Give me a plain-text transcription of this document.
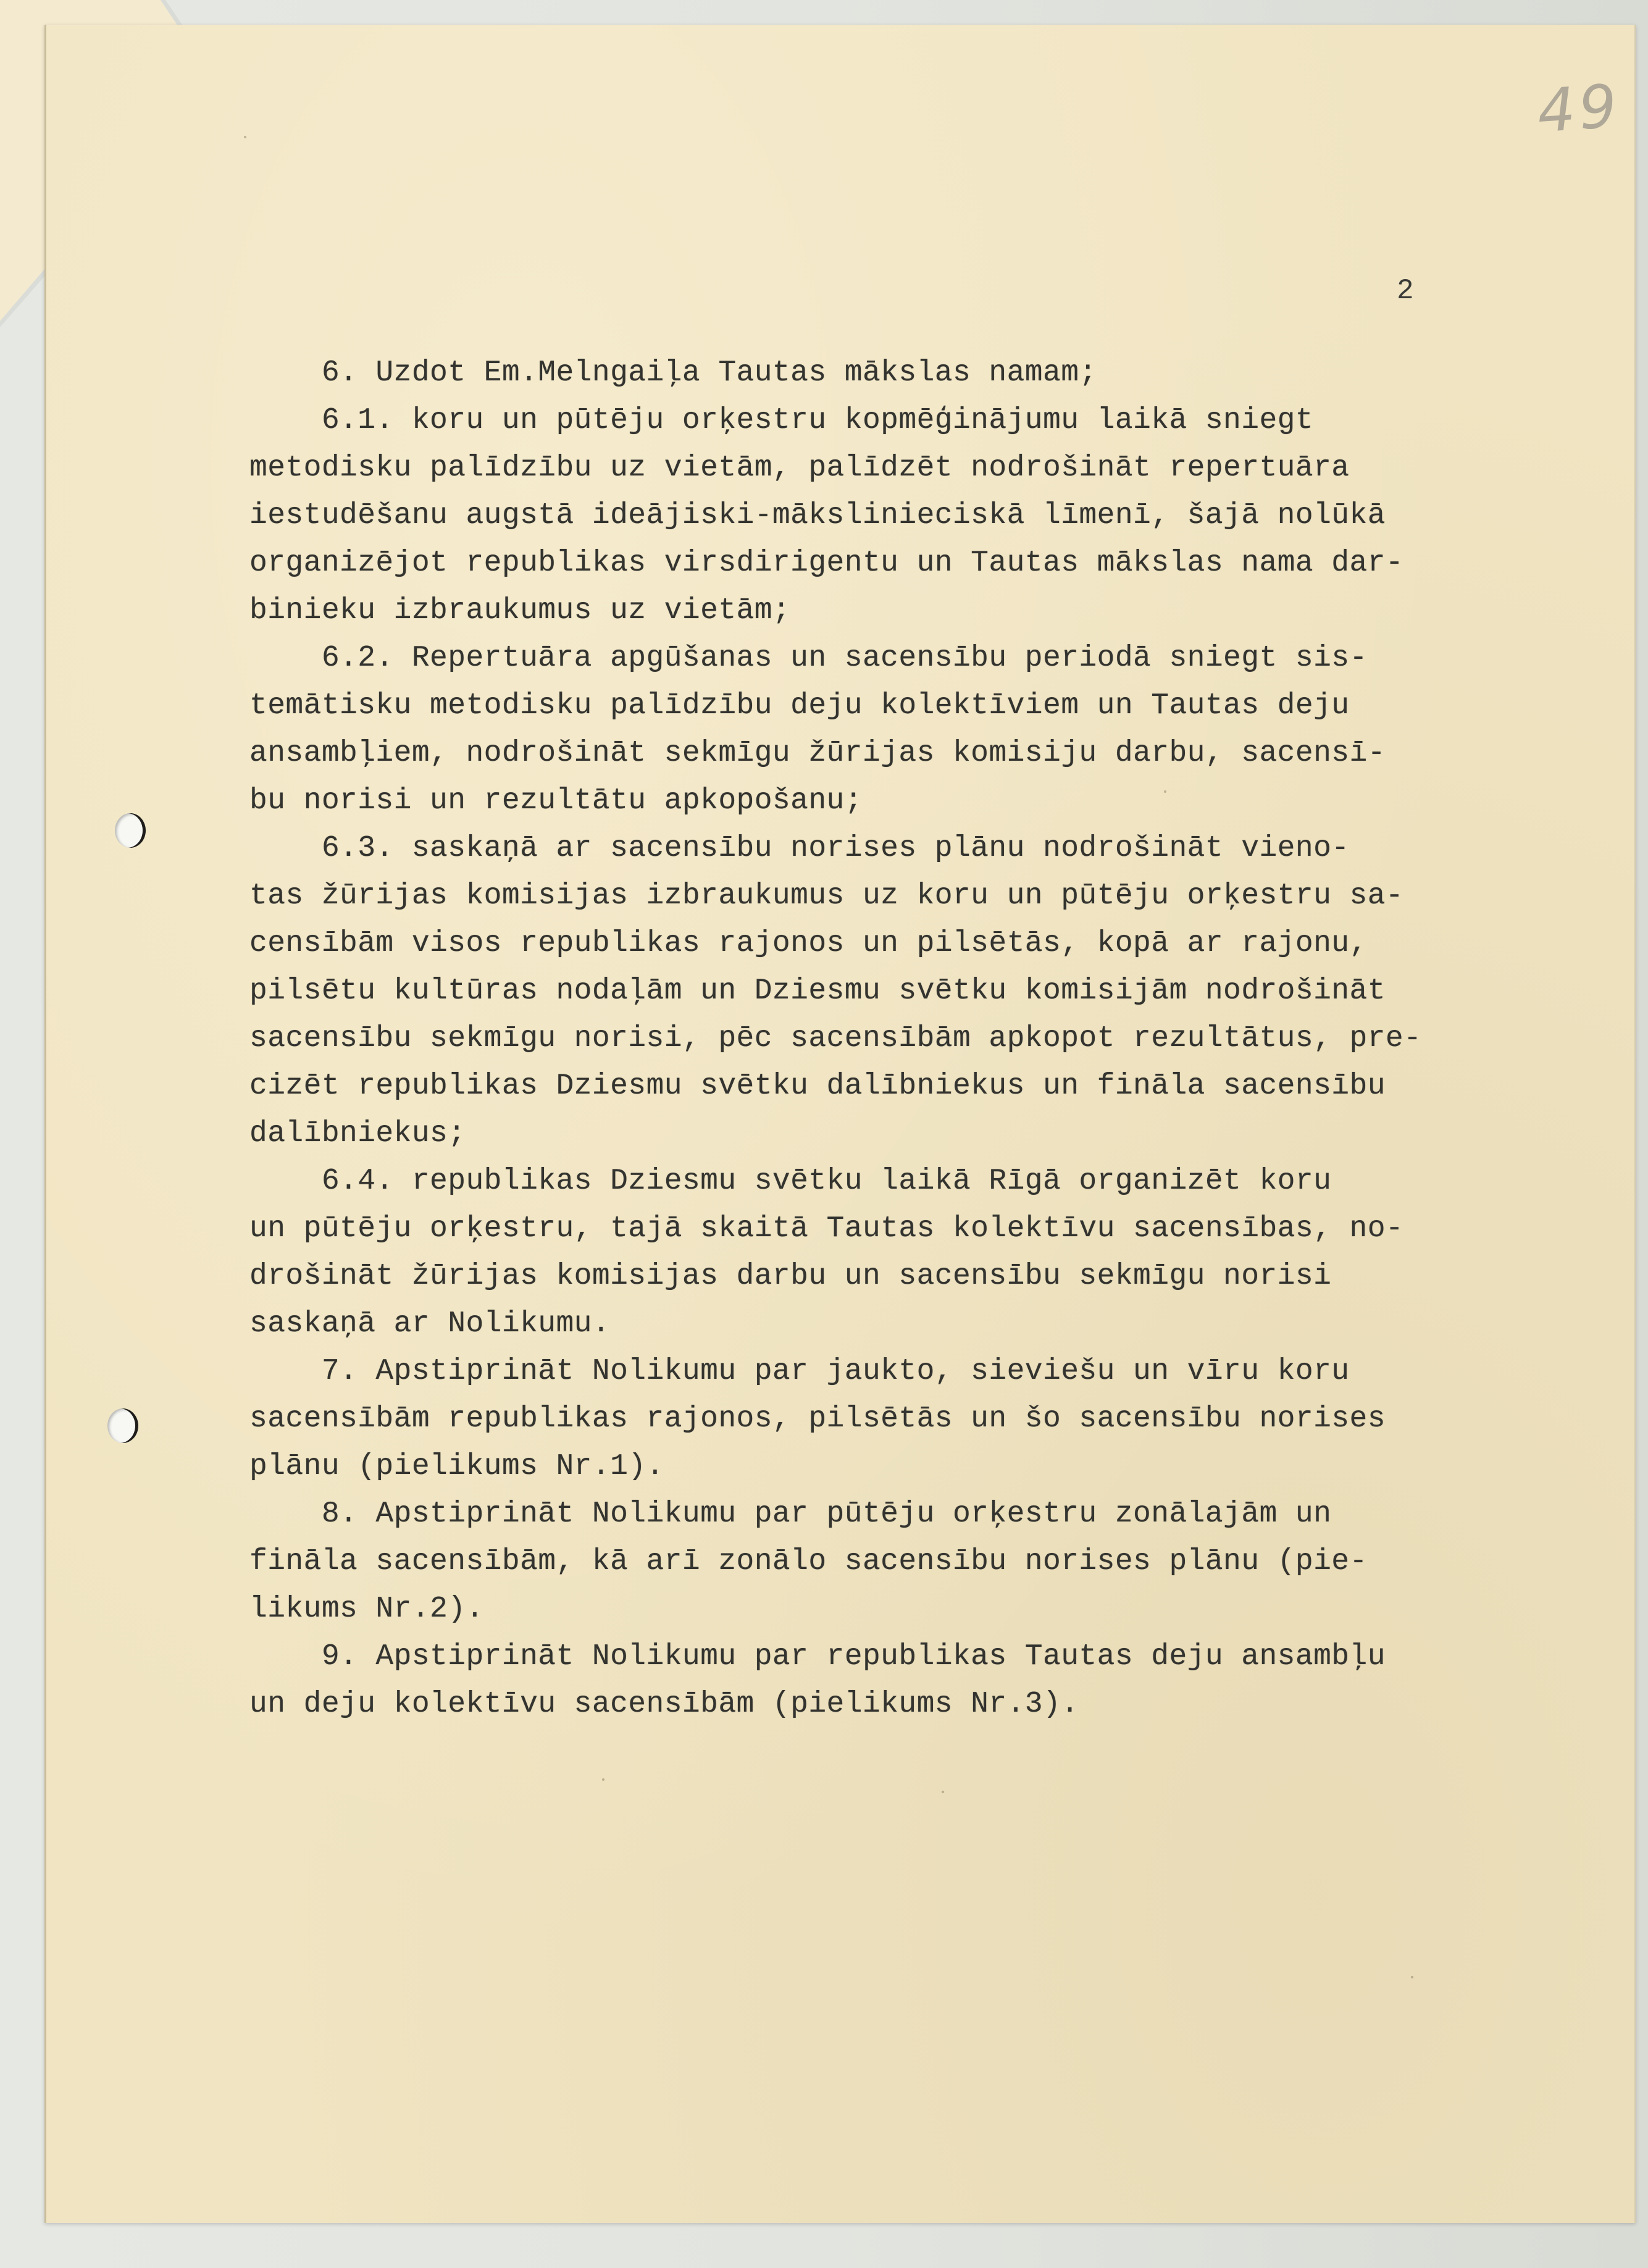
49
2
6. Uzdot Em.Melngaiļa Tautas mākslas namam;
6.1. koru un pūtēju orķestru kopmēģinājumu laikā sniegt
metodisku palīdzību uz vietām, palīdzēt nodrošināt repertuāra
iestudēšanu augstā ideājiski-mākslinieciskā līmenī, šajā nolūkā
organizējot republikas virsdirigentu un Tautas mākslas nama dar-
binieku izbraukumus uz vietām;
6.2. Repertuāra apgūšanas un sacensību periodā sniegt sis-
temātisku metodisku palīdzību deju kolektīviem un Tautas deju
ansambļiem, nodrošināt sekmīgu žūrijas komisiju darbu, sacensī-
bu norisi un rezultātu apkopošanu;
6.3. saskaņā ar sacensību norises plānu nodrošināt vieno-
tas žūrijas komisijas izbraukumus uz koru un pūtēju orķestru sa-
censībām visos republikas rajonos un pilsētās, kopā ar rajonu,
pilsētu kultūras nodaļām un Dziesmu svētku komisijām nodrošināt
sacensību sekmīgu norisi, pēc sacensībām apkopot rezultātus, pre-
cizēt republikas Dziesmu svētku dalībniekus un fināla sacensību
dalībniekus;
6.4. republikas Dziesmu svētku laikā Rīgā organizēt koru
un pūtēju orķestru, tajā skaitā Tautas kolektīvu sacensības, no-
drošināt žūrijas komisijas darbu un sacensību sekmīgu norisi
saskaņā ar Nolikumu.
7. Apstiprināt Nolikumu par jaukto, sieviešu un vīru koru
sacensībām republikas rajonos, pilsētās un šo sacensību norises
plānu (pielikums Nr.1).
8. Apstiprināt Nolikumu par pūtēju orķestru zonālajām un
fināla sacensībām, kā arī zonālo sacensību norises plānu (pie-
likums Nr.2).
9. Apstiprināt Nolikumu par republikas Tautas deju ansambļu
un deju kolektīvu sacensībām (pielikums Nr.3).
